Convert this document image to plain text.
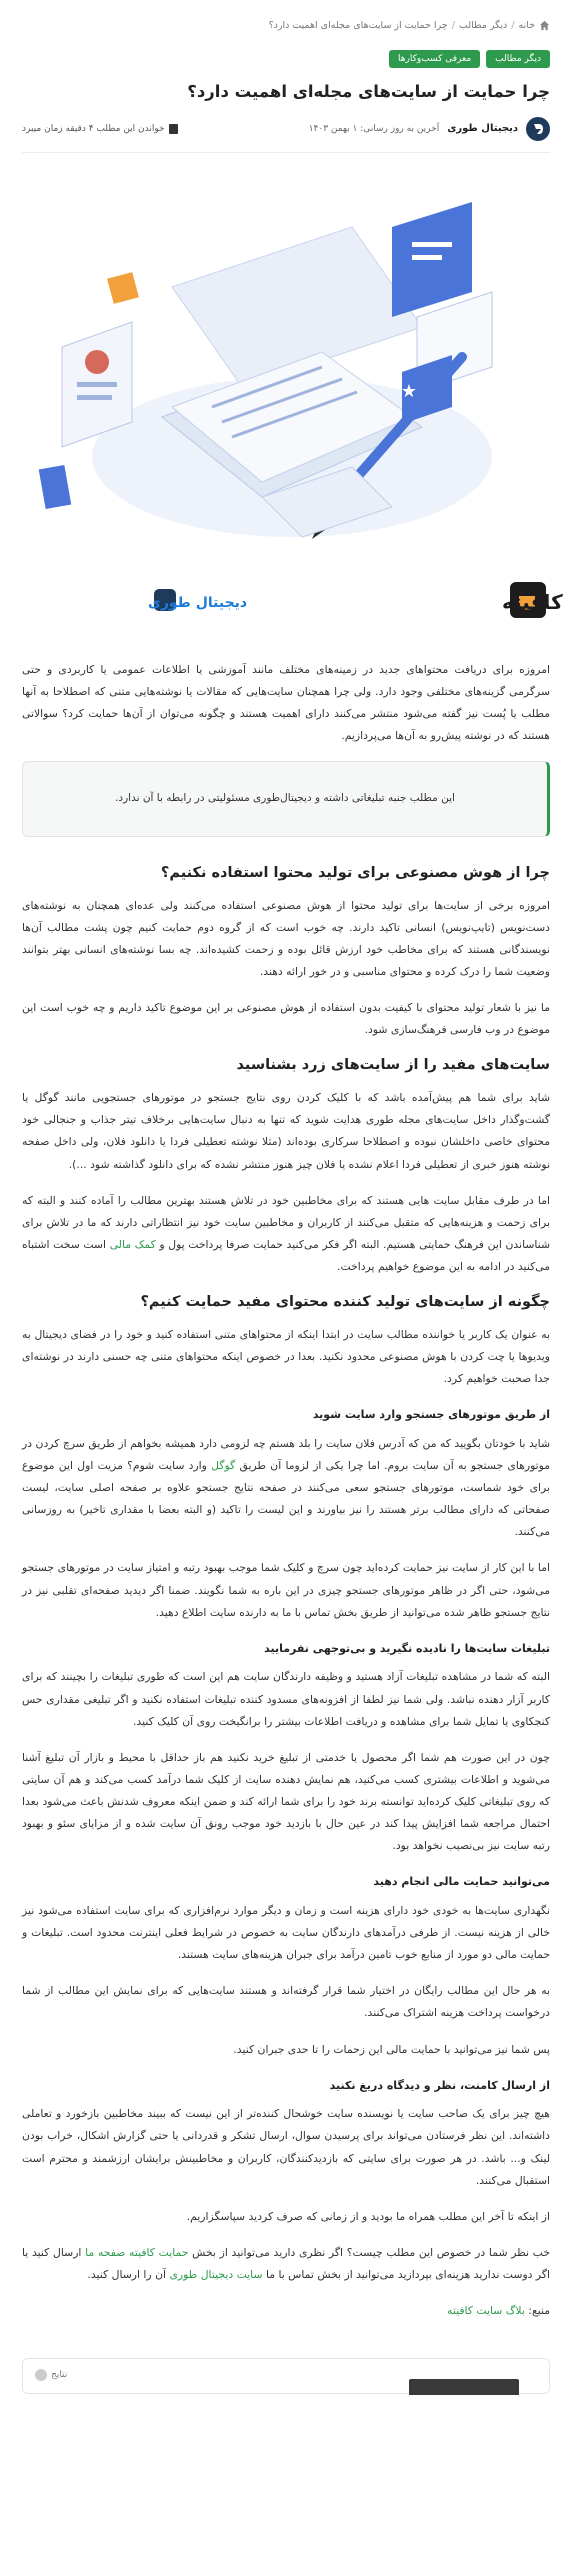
خانه
/
دیگر مطالب
/
چرا حمایت از سایت‌های مجله‌ای اهمیت دارد؟
دیگر مطالب
معرفی کسب‌وکارها
چرا حمایت از سایت‌های مجله‌ای اهمیت دارد؟
دیجیتال طوری
آخرین به روز رسانی: ۱ بهمن ۱۴۰۳
خواندن این مطلب ۴ دقیقه زمان میبرد
★
کافیته
دیجیتال طوری

امروزه برای دریافت محتواهای جدید در زمینه‌های مختلف مانند آموزشی یا اطلاعات عمومی یا کاربردی و حتی سرگرمی گزینه‌های مختلفی وجود دارد. ولی چرا همچنان سایت‌هایی که مقالات یا نوشته‌هایی متنی که اصطلاحا به آنها مطلب یا پُست نیز گفته می‌شود منتشر می‌کنند دارای اهمیت هستند و چگونه می‌توان از آن‌ها حمایت کرد؟ سوالاتی هستند که در نوشته پیش‌رو به آن‌ها می‌پردازیم.

این مطلب جنبه تبلیغاتی داشته و دیجیتال‌طوری مسئولیتی در رابطه با آن ندارد.
چرا از هوش مصنوعی برای تولید محتوا استفاده نکنیم؟

امروزه برخی از سایت‌ها برای تولید محتوا از هوش مصنوعی استفاده می‌کنند ولی عده‌ای همچنان به نوشته‌های دست‌نویس (تایپ‌نویس) انسانی تاکید دارند. چه خوب است که از گروه دوم حمایت کنیم چون پشت مطالب آن‌ها نویسندگانی هستند که برای مخاطب خود ارزش قائل بوده و زحمت کشیده‌اند. چه بسا نوشته‌های انسانی بهتر بتوانند وضعیت شما را درک کرده و محتوای مناسبی و در خور ارائه دهند.

ما نیز با شعار تولید محتوای با کیفیت بدون استفاده از هوش مصنوعی بر این موضوع تاکید داریم و چه خوب است این موضوع در وب فارسی فرهنگ‌سازی شود.

سایت‌های مفید را از سایت‌های زرد بشناسید

شاید برای شما هم پیش‌آمده باشد که با کلیک کردن روی نتایج جستجو در موتورهای جستجویی مانند گوگل یا گشت‌وگذار داخل سایت‌های مجله طوری هدایت شوید که تنها به دنبال سایت‌هایی برخلاف تیتر جذاب و جنجالی خود محتوای خاصی داخلشان نبوده و اصطلاحا سرکاری بوده‌اند (مثلا نوشته تعطیلی فردا یا دانلود فلان، ولی داخل صفحه نوشته هنوز خبری از تعطیلی فردا اعلام نشده یا فلان چیز هنوز منتشر نشده که برای دانلود گذاشته شود ...).

اما در طرف مقابل سایت هایی هستند که برای مخاطبین خود در تلاش هستند بهترین مطالب را آماده کنند و البته که برای زحمت و هزینه‌هایی که متقبل می‌کنند از کاربران و مخاطبین سایت خود نیز انتظاراتی دارند که ما در تلاش برای شناساندن این فرهنگ حمایتی هستیم. البته اگر فکر می‌کنید حمایت صرفا پرداخت پول و کمک مالی است سخت اشتباه می‌کنید در ادامه به این موضوع خواهیم پرداخت.

چگونه از سایت‌های تولید کننده محتوای مفید حمایت کنیم؟

به عنوان یک کاربر یا خواننده مطالب سایت در ابتدا اینکه از محتواهای متنی استفاده کنید و خود را در فضای دیجیتال به ویدیوها یا چت کردن با هوش مصنوعی محدود نکنید. بعدا در خصوص اینکه محتواهای متنی چه حسنی دارند در نوشته‌ای جدا صحبت خواهیم کرد.

از طریق موتورهای جستجو وارد سایت شوید

شاید با خودتان بگویید که من که آدرس فلان سایت را بلد هستم چه لزومی دارد همیشه بخواهم از طریق سرچ کردن در موتورهای جستجو به آن سایت بروم. اما چرا یکی از لزوما آن طریق گوگل وارد سایت شوم؟ مزیت اول این موضوع برای خود شماست، موتورهای جستجو سعی می‌کنند در صفحه نتایج جستجو علاوه بر صفحه اصلی سایت، لیست صفحاتی که دارای مطالب برتر هستند را نیز بیاورند و این لیست را تاکید (و البته بعضا با مقداری تاخیر) به روزسانی می‌کنند.

اما با این کار از سایت نیز حمایت کرده‌اید چون سرچ و کلیک شما موجب بهبود رتبه و امتیاز سایت در موتورهای جستجو می‌شود، حتی اگر در ظاهر موتورهای جستجو چیزی در این باره به شما نگویند. ضمنا اگر دیدید صفحه‌ای تقلبی نیز در نتایج جستجو ظاهر شده می‌توانید از طریق بخش تماس با ما به دارنده سایت اطلاع دهید.

تبلیغات سایت‌ها را نادیده نگیرید و بی‌توجهی نفرمایید

البته که شما در مشاهده تبلیغات آزاد هستید و وظیفه دارندگان سایت هم این است که طوری تبلیغات را بچینند که برای کاربر آزار دهنده نباشد. ولی شما نیز لطفا از افزونه‌های مسدود کننده تبلیغات استفاده نکنید و اگر تبلیغی مقداری حس کنجکاوی یا تمایل شما برای مشاهده و دریافت اطلاعات بیشتر را برانگیخت روی آن کلیک کنید.

چون در این صورت هم شما اگر محصول یا خدمتی از تبلیغ خرید نکنید هم باز حداقل با محیط و بازار آن تبلیغ آشنا می‌شوید و اطلاعات بیشتری کسب می‌کنید، هم نمایش دهنده سایت از کلیک شما درآمد کسب می‌کند و هم آن سایتی که روی تبلیغاتی کلیک کرده‌اید توانسته برند خود را برای شما ارائه کند و ضمن اینکه معروف شدنش باعث می‌شود بعدا احتمال مراجعه شما افزایش پیدا کند در عین حال با بازدید خود موجب رونق آن سایت شده و از مزایای سئو و بهبود رتبه سایت نیز بی‌نصیب نخواهد بود.

می‌توانید حمایت مالی انجام دهید

نگهداری سایت‌ها به خودی خود دارای هزینه است و زمان و دیگر موارد نرم‌افزاری که برای سایت استفاده می‌شود نیز خالی از هزینه نیست. از طرفی درآمدهای دارندگان سایت به خصوص در شرایط فعلی اینترنت محدود است. تبلیغات و حمایت مالی دو مورد از منابع خوب تامین درآمد برای جبران هزینه‌های سایت هستند.

به هر حال این مطالب رایگان در اختیار شما قرار گرفته‌اند و هستند سایت‌هایی که برای نمایش این مطالب از شما درخواست پرداخت هزینه اشتراک می‌کنند.

پس شما نیز می‌توانید با حمایت مالی این زحمات را تا حدی جبران کنید.

از ارسال کامنت، نظر و دیدگاه دریغ نکنید

هیچ چیز برای یک صاحب سایت یا نویسنده سایت خوشحال کننده‌تر از این نیست که ببیند مخاطبین بازخورد و تعاملی داشته‌اند. این نظر فرستادن می‌تواند برای پرسیدن سوال، ارسال تشکر و قدردانی یا حتی گزارش اشکال، خراب بودن لینک و... باشد. در هر صورت برای سایتی که بازدیدکنندگان، کاربران و مخاطبینش برایشان ارزشمند و محترم است استقبال می‌کنند.

از اینکه تا آخر این مطلب همراه ما بودید و از زمانی که صرف کردید سپاسگزاریم.

خب نظر شما در خصوص این مطلب چیست؟ اگر نظری دارید می‌توانید از بخش حمایت کافیته صفحه ما ارسال کنید یا اگر دوست ندارید هزینه‌ای بپردازید می‌توانید از بخش تماس با ما سایت دیجیتال طوری آن را ارسال کنید.

منبع: بلاگ سایت کافیته

نتایج
